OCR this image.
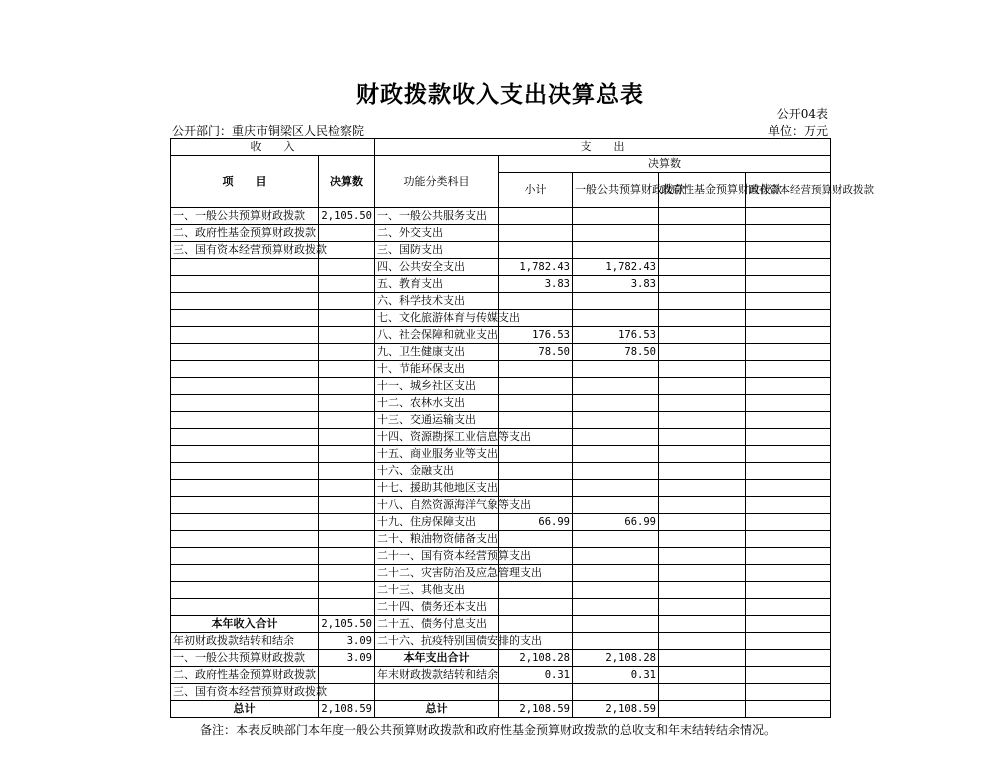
财政拨款收入支出决算总表
公开04表
公开部门：重庆市铜梁区人民检察院	单位：万元
收　　入		支　　出				
项　　目	决算数	功能分类科目	决算数			
			小计	一般公共预算财政拨款	政府性基金预算财政拨款	国有资本经营预算财政拨款
一、一般公共预算财政拨款	2,105.50	一、一般公共服务支出				
二、政府性基金预算财政拨款		二、外交支出				
三、国有资本经营预算财政拨款		三、国防支出				
		四、公共安全支出	1,782.43	1,782.43		
		五、教育支出	3.83	3.83		
		六、科学技术支出				
		七、文化旅游体育与传媒支出				
		八、社会保障和就业支出	176.53	176.53		
		九、卫生健康支出	78.50	78.50		
		十、节能环保支出				
		十一、城乡社区支出				
		十二、农林水支出				
		十三、交通运输支出				
		十四、资源勘探工业信息等支出				
		十五、商业服务业等支出				
		十六、金融支出				
		十七、援助其他地区支出				
		十八、自然资源海洋气象等支出				
		十九、住房保障支出	66.99	66.99		
		二十、粮油物资储备支出				
		二十一、国有资本经营预算支出				
		二十二、灾害防治及应急管理支出				
		二十三、其他支出				
		二十四、债务还本支出				
本年收入合计	2,105.50	二十五、债务付息支出				
年初财政拨款结转和结余	3.09	二十六、抗疫特别国债安排的支出				
一、一般公共预算财政拨款	3.09	本年支出合计	2,108.28	2,108.28		
二、政府性基金预算财政拨款		年末财政拨款结转和结余	0.31	0.31		
三、国有资本经营预算财政拨款						
总计	2,108.59	总计	2,108.59	2,108.59		
备注：本表反映部门本年度一般公共预算财政拨款和政府性基金预算财政拨款的总收支和年末结转结余情况。
